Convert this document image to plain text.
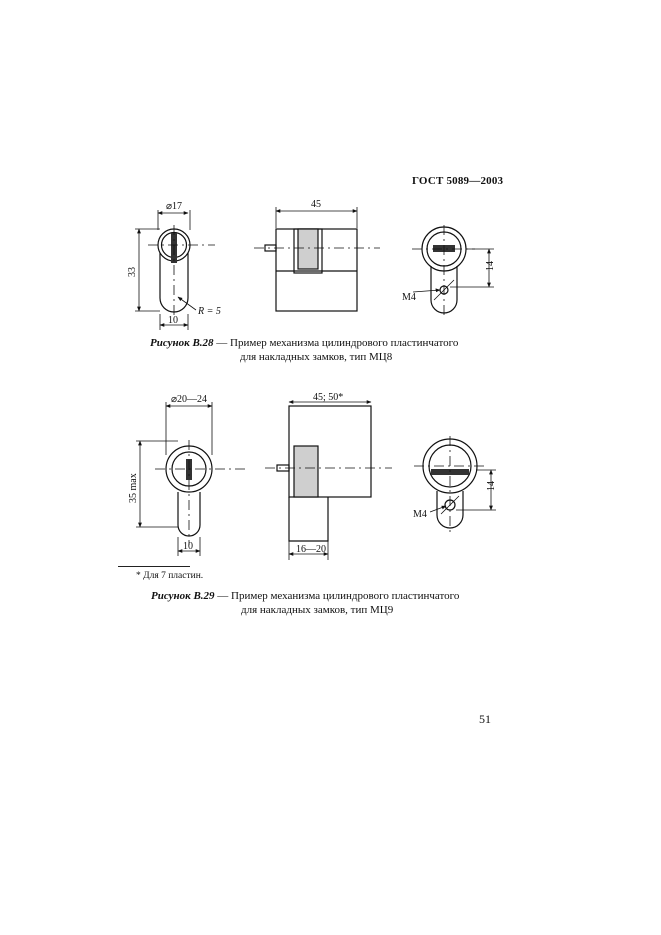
ГОСТ 5089—2003
⌀17
33
10
R = 5
45
14
M4
⌀20—24
35 max
10
45; 50*
16—20
14
M4
Рисунок В.28 — Пример механизма цилиндрового пластинчатого
для накладных замков, тип МЦ8
* Для 7 пластин.
Рисунок В.29 — Пример механизма цилиндрового пластинчатого
для накладных замков, тип МЦ9
51
